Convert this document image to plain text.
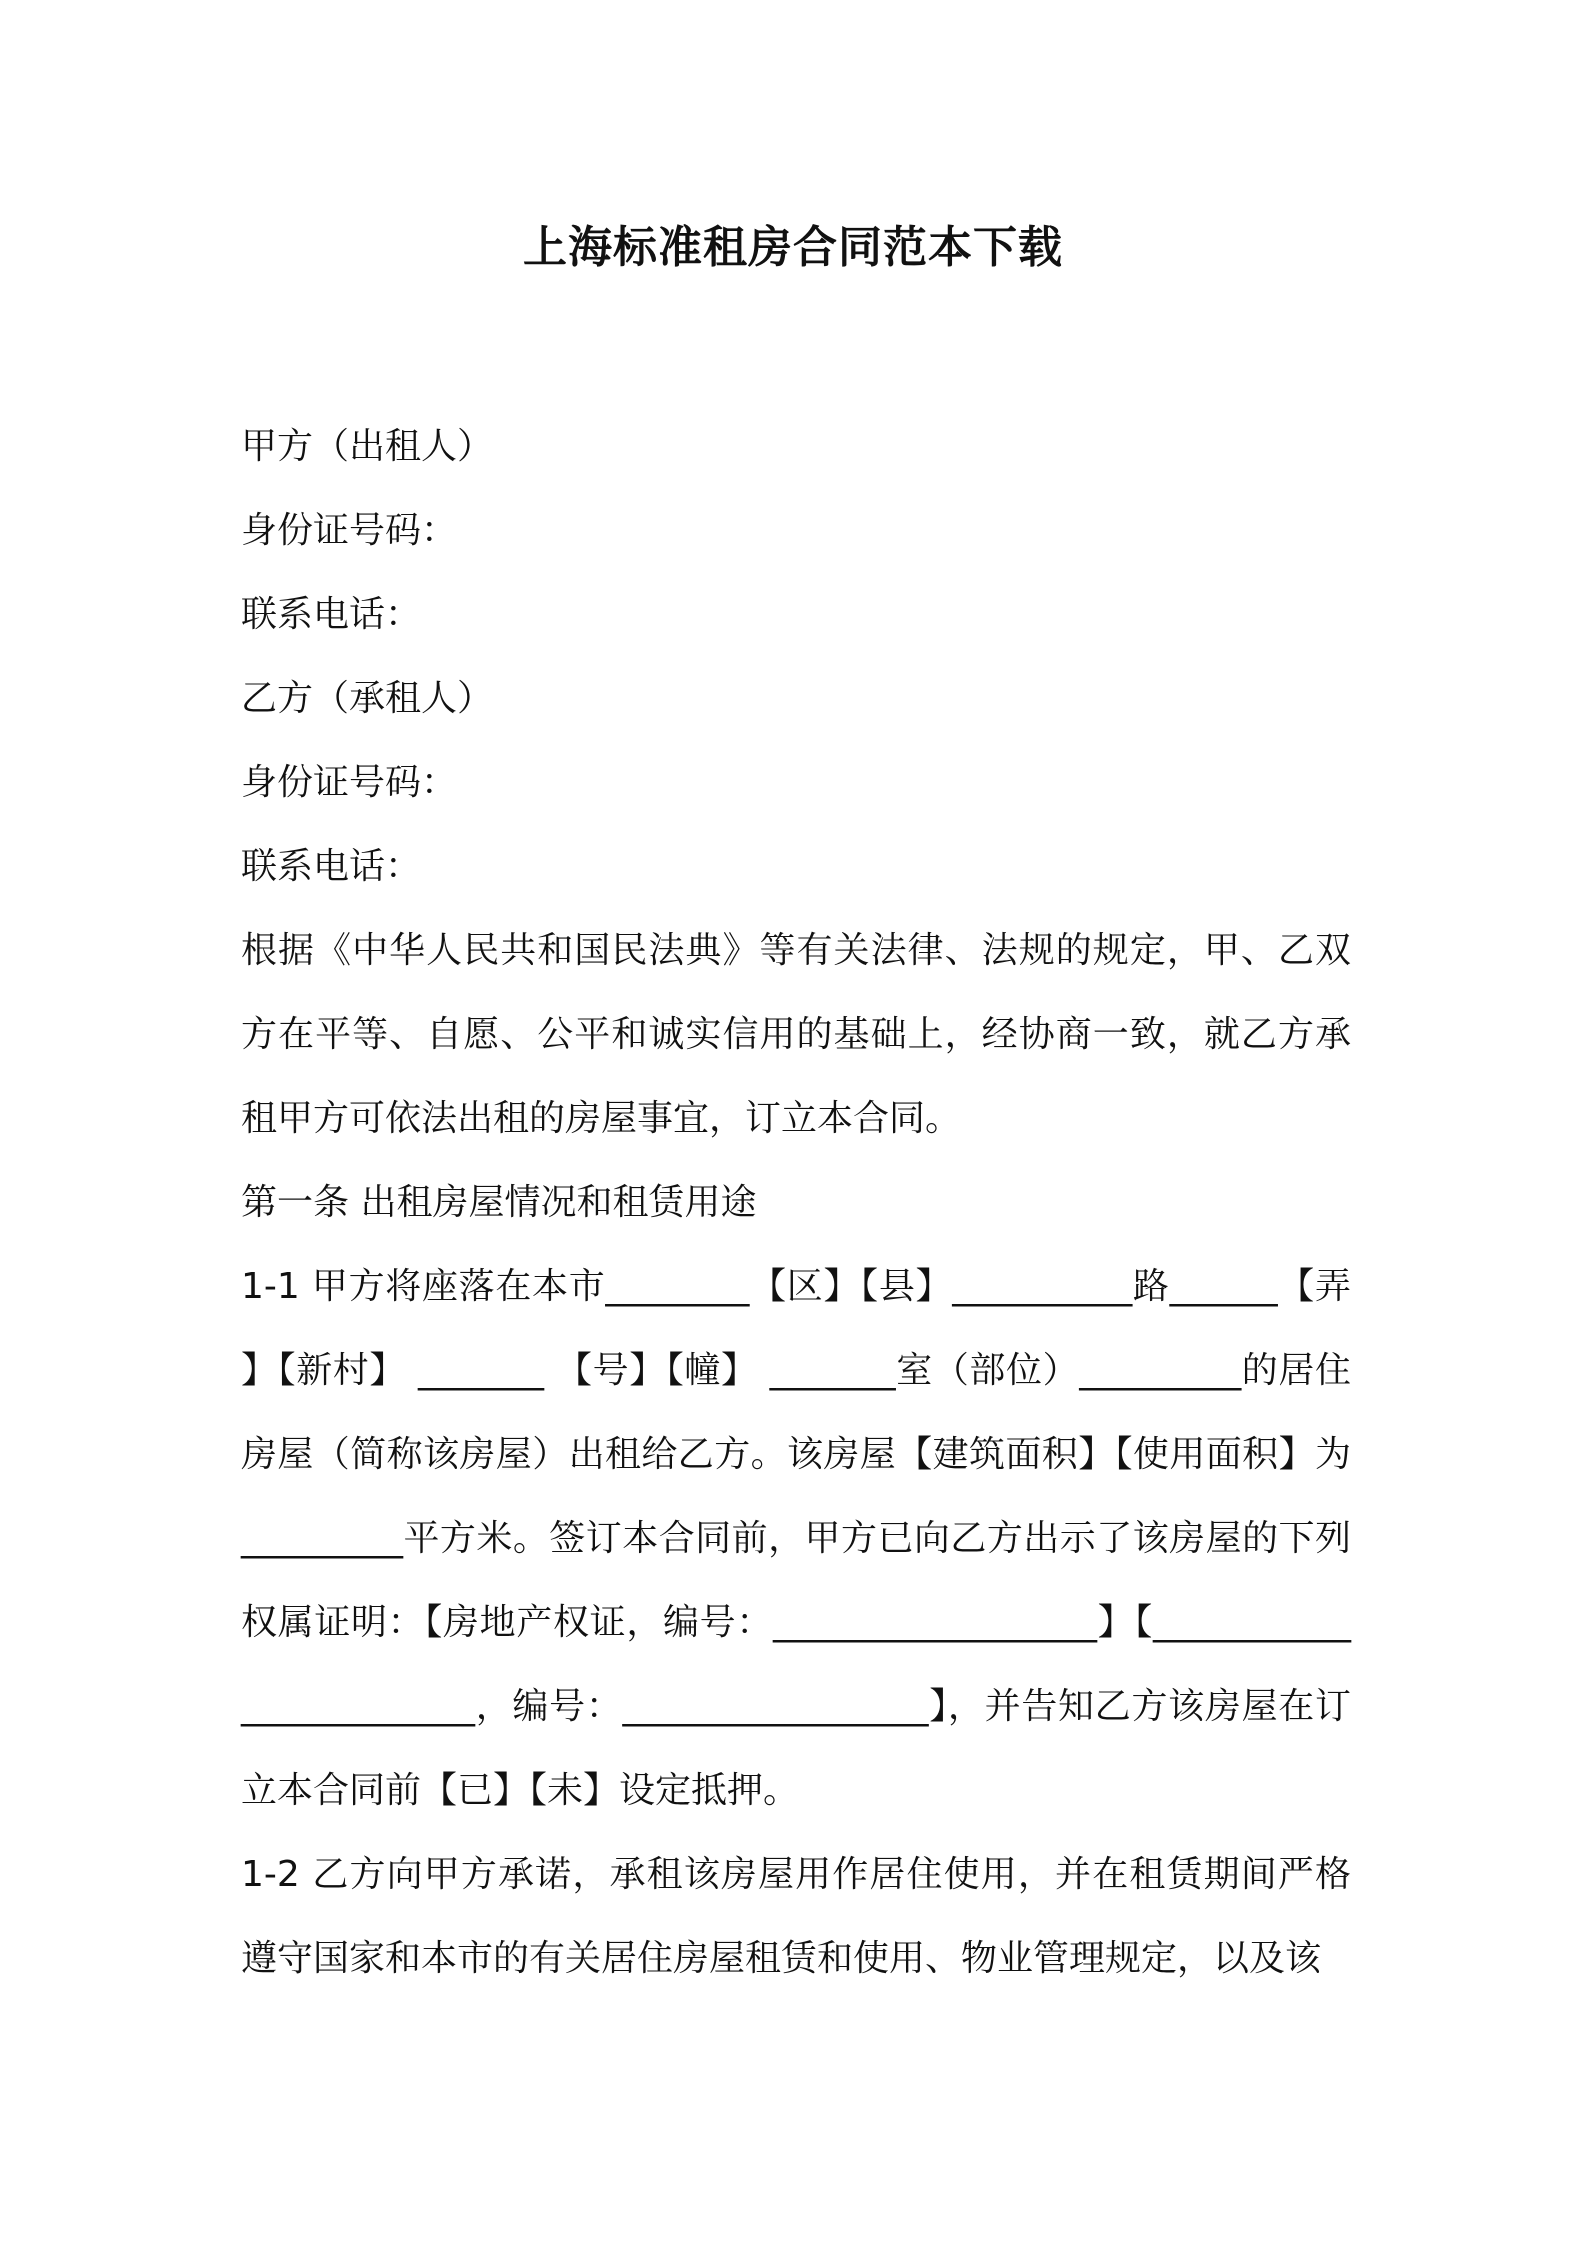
上海标准租房合同范本下载
甲方（出租人）
身份证号码：
联系电话：
乙方（承租人）
身份证号码：
联系电话：
根据《中华人民共和国民法典》等有关法律、法规的规定，甲、乙双方在平等、自愿、公平和诚实信用的基础上，经协商一致，就乙方承租甲方可依法出租的房屋事宜，订立本合同。
第一条 出租房屋情况和租赁用途
1-1 甲方将座落在本市________【区】【县】__________路______【弄】【新村】 _______ 【号】【幢】 _______室（部位）_________的居住房屋（简称该房屋）出租给乙方。该房屋【建筑面积】【使用面积】为_________平方米。签订本合同前，甲方已向乙方出示了该房屋的下列权属证明：【房地产权证，编号：__________________】【________________________，编号：_________________】，并告知乙方该房屋在订立本合同前【已】【未】设定抵押。
1-2 乙方向甲方承诺，承租该房屋用作居住使用，并在租赁期间严格遵守国家和本市的有关居住房屋租赁和使用、物业管理规定，以及该
